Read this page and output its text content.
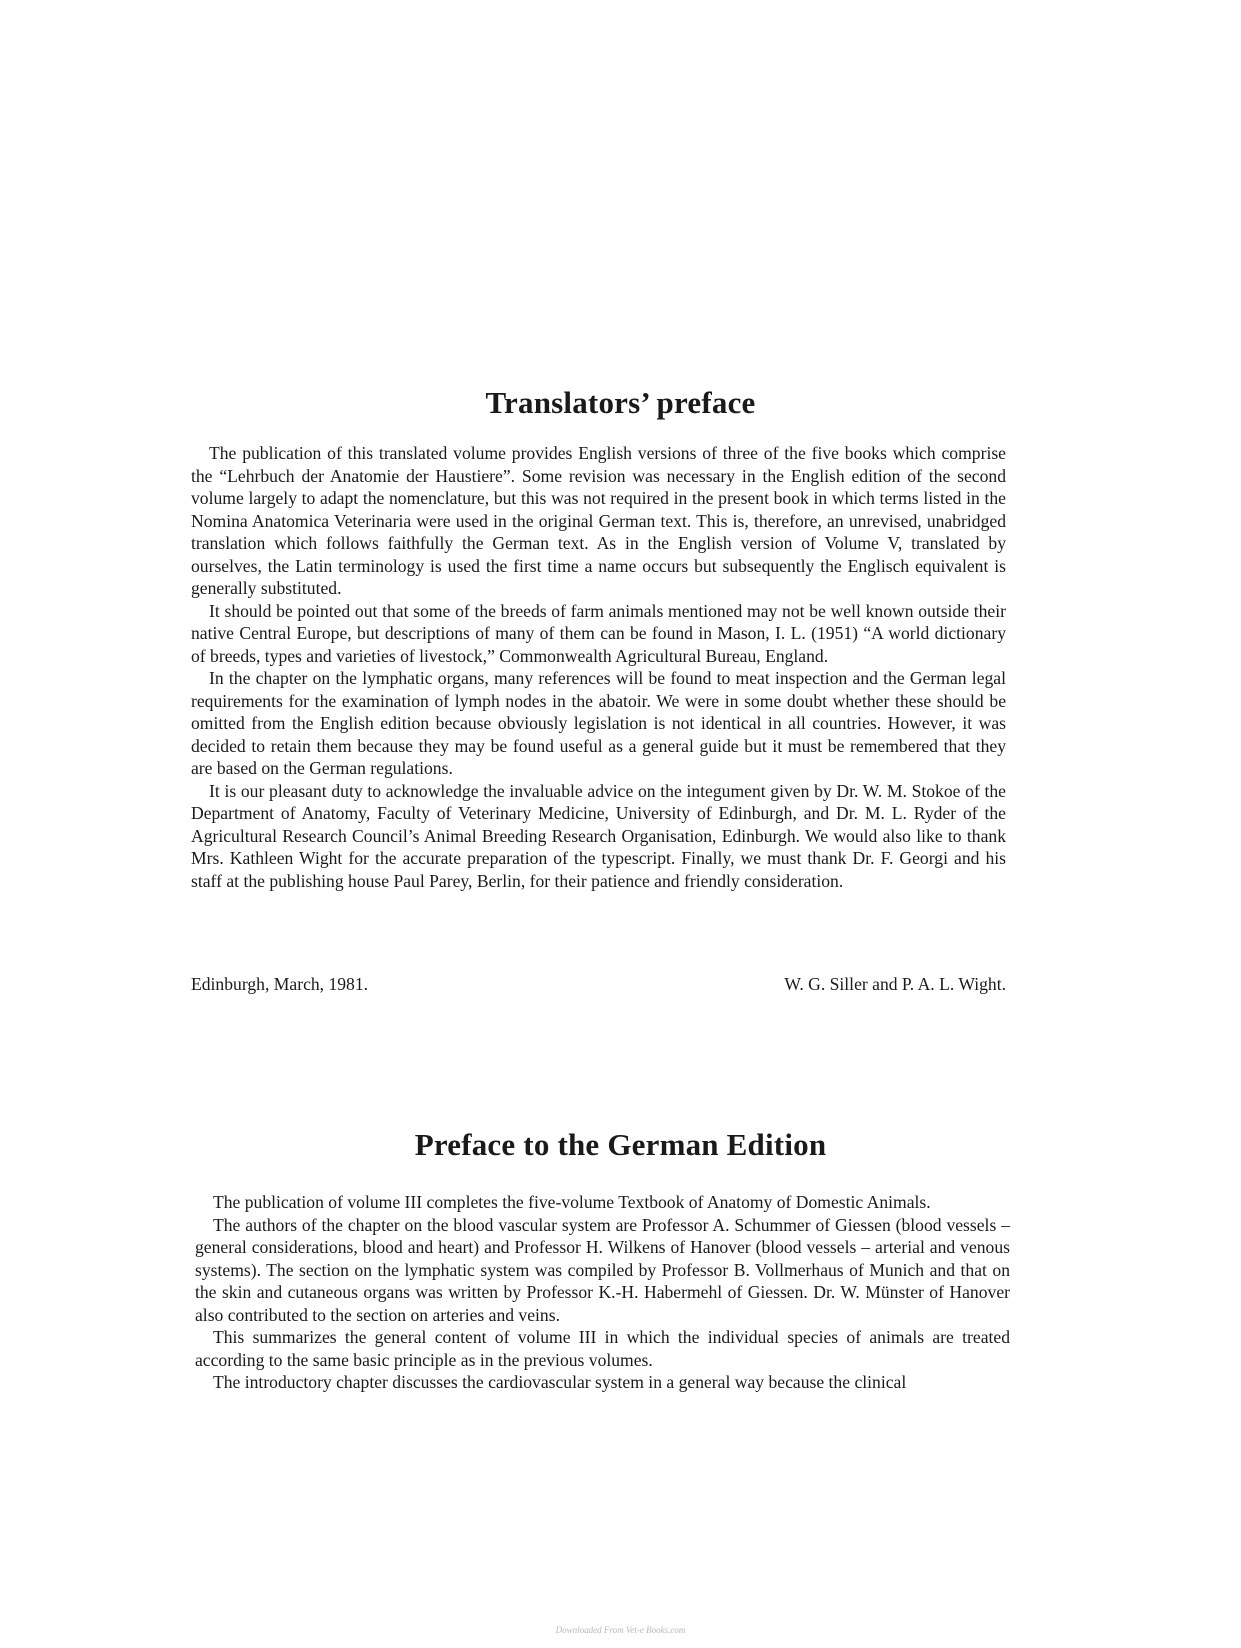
Translators’ preface

The publication of this translated volume provides English versions of three of the five books which comprise the “Lehrbuch der Anatomie der Haustiere”. Some revision was necessary in the English edition of the second volume largely to adapt the nomenclature, but this was not required in the present book in which terms listed in the Nomina Anatomica Veterinaria were used in the original German text. This is, therefore, an unrevised, unabridged translation which follows faithfully the German text. As in the English version of Volume V, translated by ourselves, the Latin terminology is used the first time a name occurs but subsequently the Englisch equivalent is generally substituted.

It should be pointed out that some of the breeds of farm animals mentioned may not be well known outside their native Central Europe, but descriptions of many of them can be found in Mason, I. L. (1951) “A world dictionary of breeds, types and varieties of livestock,” Commonwealth Agricultural Bureau, England.

In the chapter on the lymphatic organs, many references will be found to meat inspection and the German legal requirements for the examination of lymph nodes in the abatoir. We were in some doubt whether these should be omitted from the English edition because obviously legislation is not identical in all countries. However, it was decided to retain them because they may be found useful as a general guide but it must be remembered that they are based on the German regulations.

It is our pleasant duty to acknowledge the invaluable advice on the integument given by Dr. W. M. Stokoe of the Department of Anatomy, Faculty of Veterinary Medicine, University of Edinburgh, and Dr. M. L. Ryder of the Agricultural Research Council’s Animal Breeding Research Organisation, Edinburgh. We would also like to thank Mrs. Kathleen Wight for the accurate preparation of the typescript. Finally, we must thank Dr. F. Georgi and his staff at the publishing house Paul Parey, Berlin, for their patience and friendly consideration.

Edinburgh, March, 1981.	W. G. Siller and P. A. L. Wight.
Preface to the German Edition

The publication of volume III completes the five-volume Textbook of Anatomy of Domestic Animals.

The authors of the chapter on the blood vascular system are Professor A. Schummer of Giessen (blood vessels – general considerations, blood and heart) and Professor H. Wilkens of Hanover (blood vessels – arterial and venous systems). The section on the lymphatic system was compiled by Professor B. Vollmerhaus of Munich and that on the skin and cutaneous organs was written by Professor K.-H. Habermehl of Giessen. Dr. W. Münster of Hanover also contributed to the section on arteries and veins.

This summarizes the general content of volume III in which the individual species of animals are treated according to the same basic principle as in the previous volumes.

The introductory chapter discusses the cardiovascular system in a general way because the clinical

Downloaded From Vet-e Books.com
